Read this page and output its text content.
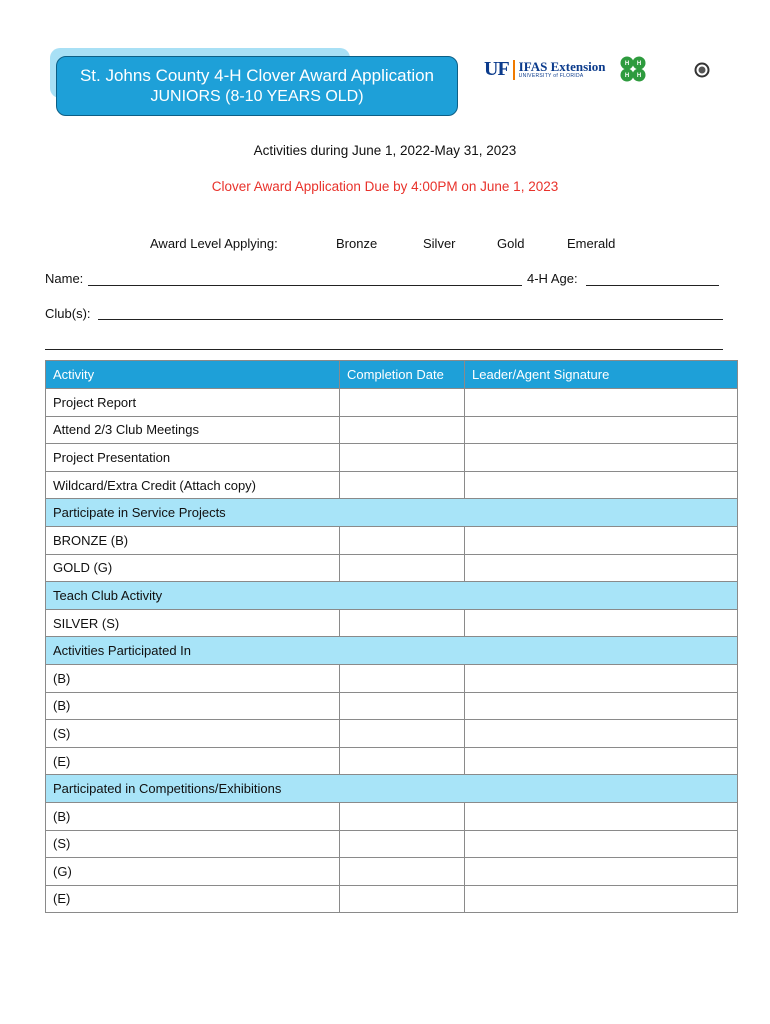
St. Johns County 4-H Clover Award Application
JUNIORS (8-10 YEARS OLD)
UF IFAS Extension
UNIVERSITY of FLORIDA
H H
H H
Activities during June 1, 2022-May 31, 2023
Clover Award Application Due by 4:00PM on June 1, 2023
Award Level Applying:	Bronze	Silver	Gold	Emerald
Name:	4-H Age:
Club(s):
Activity	Completion Date	Leader/Agent Signature
Project Report		
Attend 2/3 Club Meetings		
Project Presentation		
Wildcard/Extra Credit (Attach copy)		
Participate in Service Projects		
BRONZE (B)		
GOLD (G)		
Teach Club Activity		
SILVER (S)		
Activities Participated In		
(B)		
(B)		
(S)		
(E)		
Participated in Competitions/Exhibitions		
(B)		
(S)		
(G)		
(E)		
